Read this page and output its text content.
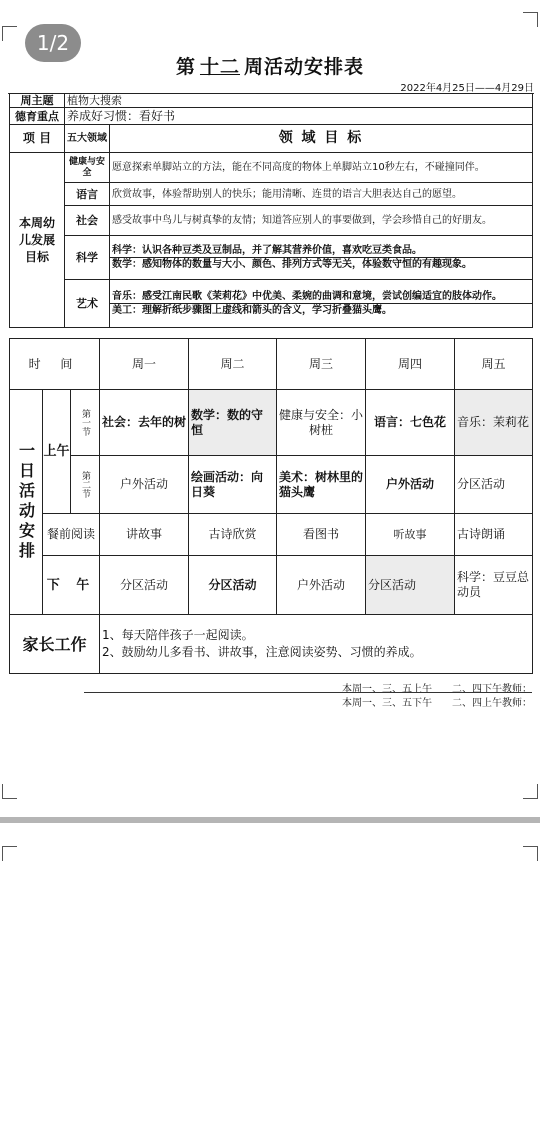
1/2
第 十二 周活动安排表
2022年4月25日——4月29日
周主题	植物大搜索	
德育重点	养成好习惯：看好书	
项 目	五大领域	领 域 目 标
本周幼儿发展目标	健康与安全	愿意探索单脚站立的方法，能在不同高度的物体上单脚站立10秒左右，不碰撞同伴。
	语言	欣赏故事，体验帮助别人的快乐；能用清晰、连贯的语言大胆表达自己的愿望。
	社会	感受故事中鸟儿与树真挚的友情；知道答应别人的事要做到，学会珍惜自己的好朋友。
	科学	科学：认识各种豆类及豆制品，并了解其营养价值，喜欢吃豆类食品。
数学：感知物体的数量与大小、颜色、排列方式等无关，体验数守恒的有趣现象。

	艺术	音乐：感受江南民歌《茉莉花》中优美、柔婉的曲调和意境，尝试创编适宜的肢体动作。
美工：理解折纸步骤图上虚线和箭头的含义，学习折叠猫头鹰。
时 间			周一	周二	周三	周四	周五

一日活动安排	上午	第一节	社会：去年的树	数学：数的守恒	健康与安全：小树桩	语言：七色花	音乐：茉莉花

		第二节	户外活动	绘画活动：向日葵	美术：树林里的猫头鹰	户外活动	分区活动
	餐前阅读		讲故事	古诗欣赏	看图书	听故事	古诗朗诵
	下 午		分区活动	分区活动	户外活动	分区活动	科学：豆豆总动员
家长工作			1、每天陪伴孩子一起阅读。
2、鼓励幼儿多看书、讲故事，注意阅读姿势、习惯的养成。				
本周一、三、五上午　　二、四下午教师：
本周一、三、五下午　　二、四上午教师：
